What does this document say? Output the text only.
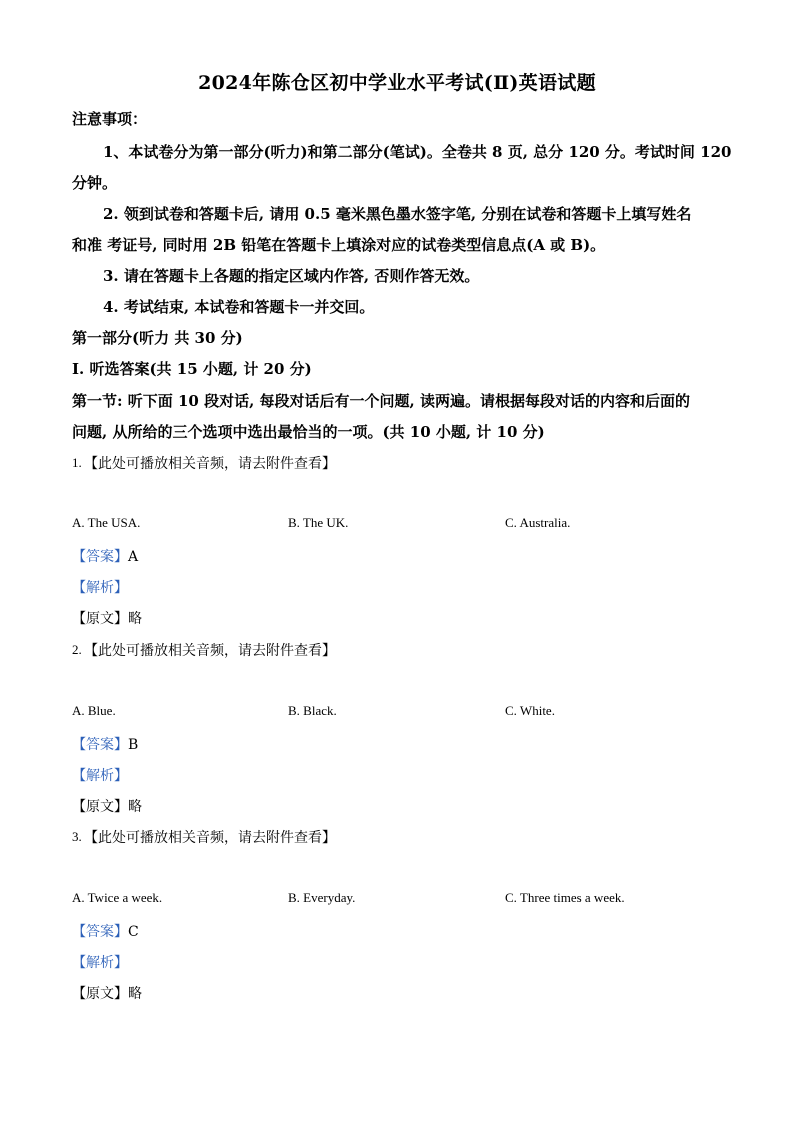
2024年陈仓区初中学业水平考试(Ⅱ)英语试题
注意事项：
1、本试卷分为第一部分(听力)和第二部分(笔试)。全卷共 8 页, 总分 120 分。考试时间 120
分钟。
2. 领到试卷和答题卡后, 请用 0.5 毫米黑色墨水签字笔, 分别在试卷和答题卡上填写姓名
和准 考证号, 同时用 2B 铅笔在答题卡上填涂对应的试卷类型信息点(A 或 B)。
3. 请在答题卡上各题的指定区域内作答, 否则作答无效。
4. 考试结束, 本试卷和答题卡一并交回。
第一部分(听力 共 30 分)
I. 听选答案(共 15 小题, 计 20 分)
第一节: 听下面 10 段对话, 每段对话后有一个问题, 读两遍。请根据每段对话的内容和后面的
问题, 从所给的三个选项中选出最恰当的一项。(共 10 小题, 计 10 分)
1. 【此处可播放相关音频，请去附件查看】
A. The USA.	B. The UK.	C. Australia.
【答案】A
【解析】
【原文】略
2. 【此处可播放相关音频，请去附件查看】
A. Blue.	B. Black.	C. White.
【答案】B
【解析】
【原文】略
3. 【此处可播放相关音频，请去附件查看】
A. Twice a week.	B. Everyday.	C. Three times a week.
【答案】C
【解析】
【原文】略
